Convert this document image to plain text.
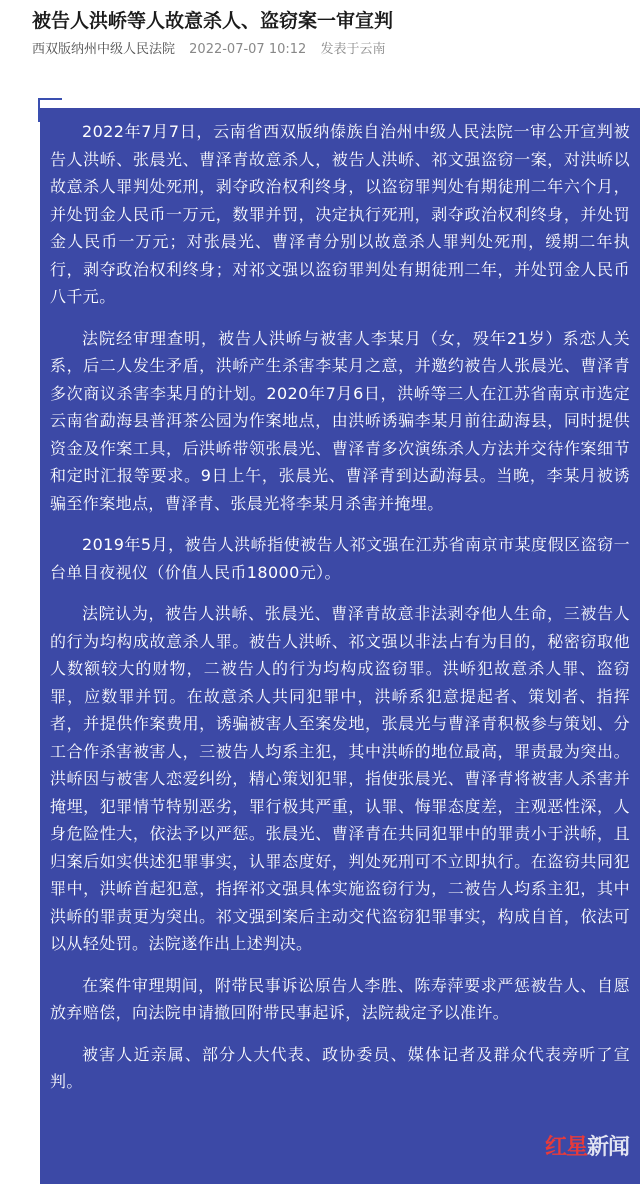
被告人洪峤等人故意杀人、盗窃案一审宣判
西双版纳州中级人民法院 2022-07-07 10:12 发表于云南

2022年7月7日，云南省西双版纳傣族自治州中级人民法院一审公开宣判被告人洪峤、张晨光、曹泽青故意杀人，被告人洪峤、祁文强盗窃一案，对洪峤以故意杀人罪判处死刑，剥夺政治权利终身，以盗窃罪判处有期徒刑二年六个月，并处罚金人民币一万元，数罪并罚，决定执行死刑，剥夺政治权利终身，并处罚金人民币一万元；对张晨光、曹泽青分别以故意杀人罪判处死刑，缓期二年执行，剥夺政治权利终身；对祁文强以盗窃罪判处有期徒刑二年，并处罚金人民币八千元。

法院经审理查明，被告人洪峤与被害人李某月（女，殁年21岁）系恋人关系，后二人发生矛盾，洪峤产生杀害李某月之意，并邀约被告人张晨光、曹泽青多次商议杀害李某月的计划。2020年7月6日，洪峤等三人在江苏省南京市选定云南省勐海县普洱茶公园为作案地点，由洪峤诱骗李某月前往勐海县，同时提供资金及作案工具，后洪峤带领张晨光、曹泽青多次演练杀人方法并交待作案细节和定时汇报等要求。9日上午，张晨光、曹泽青到达勐海县。当晚，李某月被诱骗至作案地点，曹泽青、张晨光将李某月杀害并掩埋。

2019年5月，被告人洪峤指使被告人祁文强在江苏省南京市某度假区盗窃一台单目夜视仪（价值人民币18000元）。

法院认为，被告人洪峤、张晨光、曹泽青故意非法剥夺他人生命，三被告人的行为均构成故意杀人罪。被告人洪峤、祁文强以非法占有为目的，秘密窃取他人数额较大的财物，二被告人的行为均构成盗窃罪。洪峤犯故意杀人罪、盗窃罪，应数罪并罚。在故意杀人共同犯罪中，洪峤系犯意提起者、策划者、指挥者，并提供作案费用，诱骗被害人至案发地，张晨光与曹泽青积极参与策划、分工合作杀害被害人，三被告人均系主犯，其中洪峤的地位最高，罪责最为突出。洪峤因与被害人恋爱纠纷，精心策划犯罪，指使张晨光、曹泽青将被害人杀害并掩埋，犯罪情节特别恶劣，罪行极其严重，认罪、悔罪态度差，主观恶性深，人身危险性大，依法予以严惩。张晨光、曹泽青在共同犯罪中的罪责小于洪峤，且归案后如实供述犯罪事实，认罪态度好，判处死刑可不立即执行。在盗窃共同犯罪中，洪峤首起犯意，指挥祁文强具体实施盗窃行为，二被告人均系主犯，其中洪峤的罪责更为突出。祁文强到案后主动交代盗窃犯罪事实，构成自首，依法可以从轻处罚。法院遂作出上述判决。

在案件审理期间，附带民事诉讼原告人李胜、陈寿萍要求严惩被告人、自愿放弃赔偿，向法院申请撤回附带民事起诉，法院裁定予以准许。

被害人近亲属、部分人大代表、政协委员、媒体记者及群众代表旁听了宣判。

红星新闻
